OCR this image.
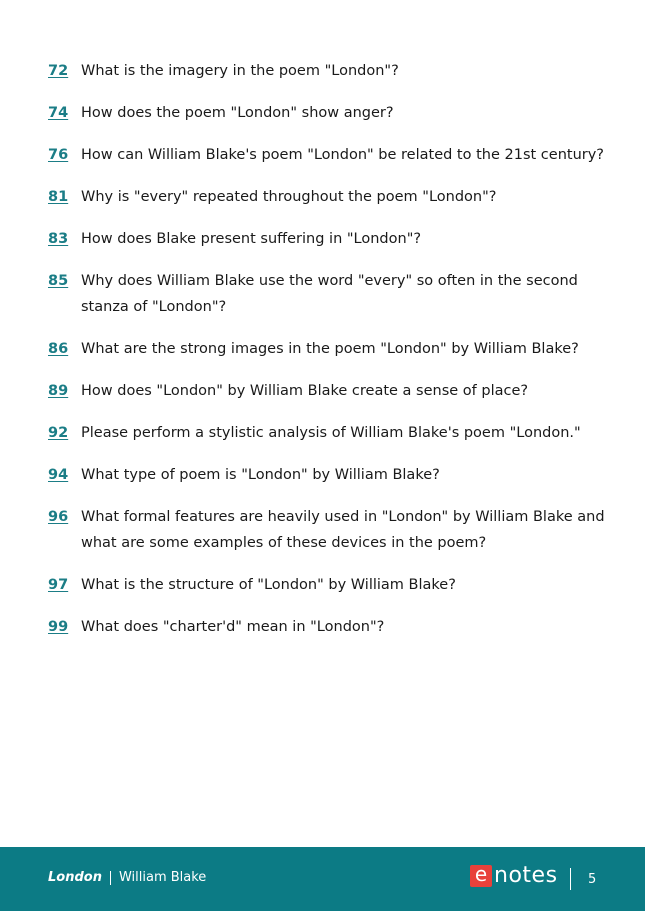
72 What is the imagery in the poem "London"?
74 How does the poem "London" show anger?
76 How can William Blake's poem "London" be related to the 21st century?
81 Why is "every" repeated throughout the poem "London"?
83 How does Blake present suffering in "London"?
85 Why does William Blake use the word "every" so often in the second stanza of "London"?
86 What are the strong images in the poem "London" by William Blake?
89 How does "London" by William Blake create a sense of place?
92 Please perform a stylistic analysis of William Blake's poem "London."
94 What type of poem is "London" by William Blake?
96 What formal features are heavily used in "London" by William Blake and what are some examples of these devices in the poem?
97 What is the structure of "London" by William Blake?
99 What does "charter'd" mean in "London"?
London William Blake	e notes 5
